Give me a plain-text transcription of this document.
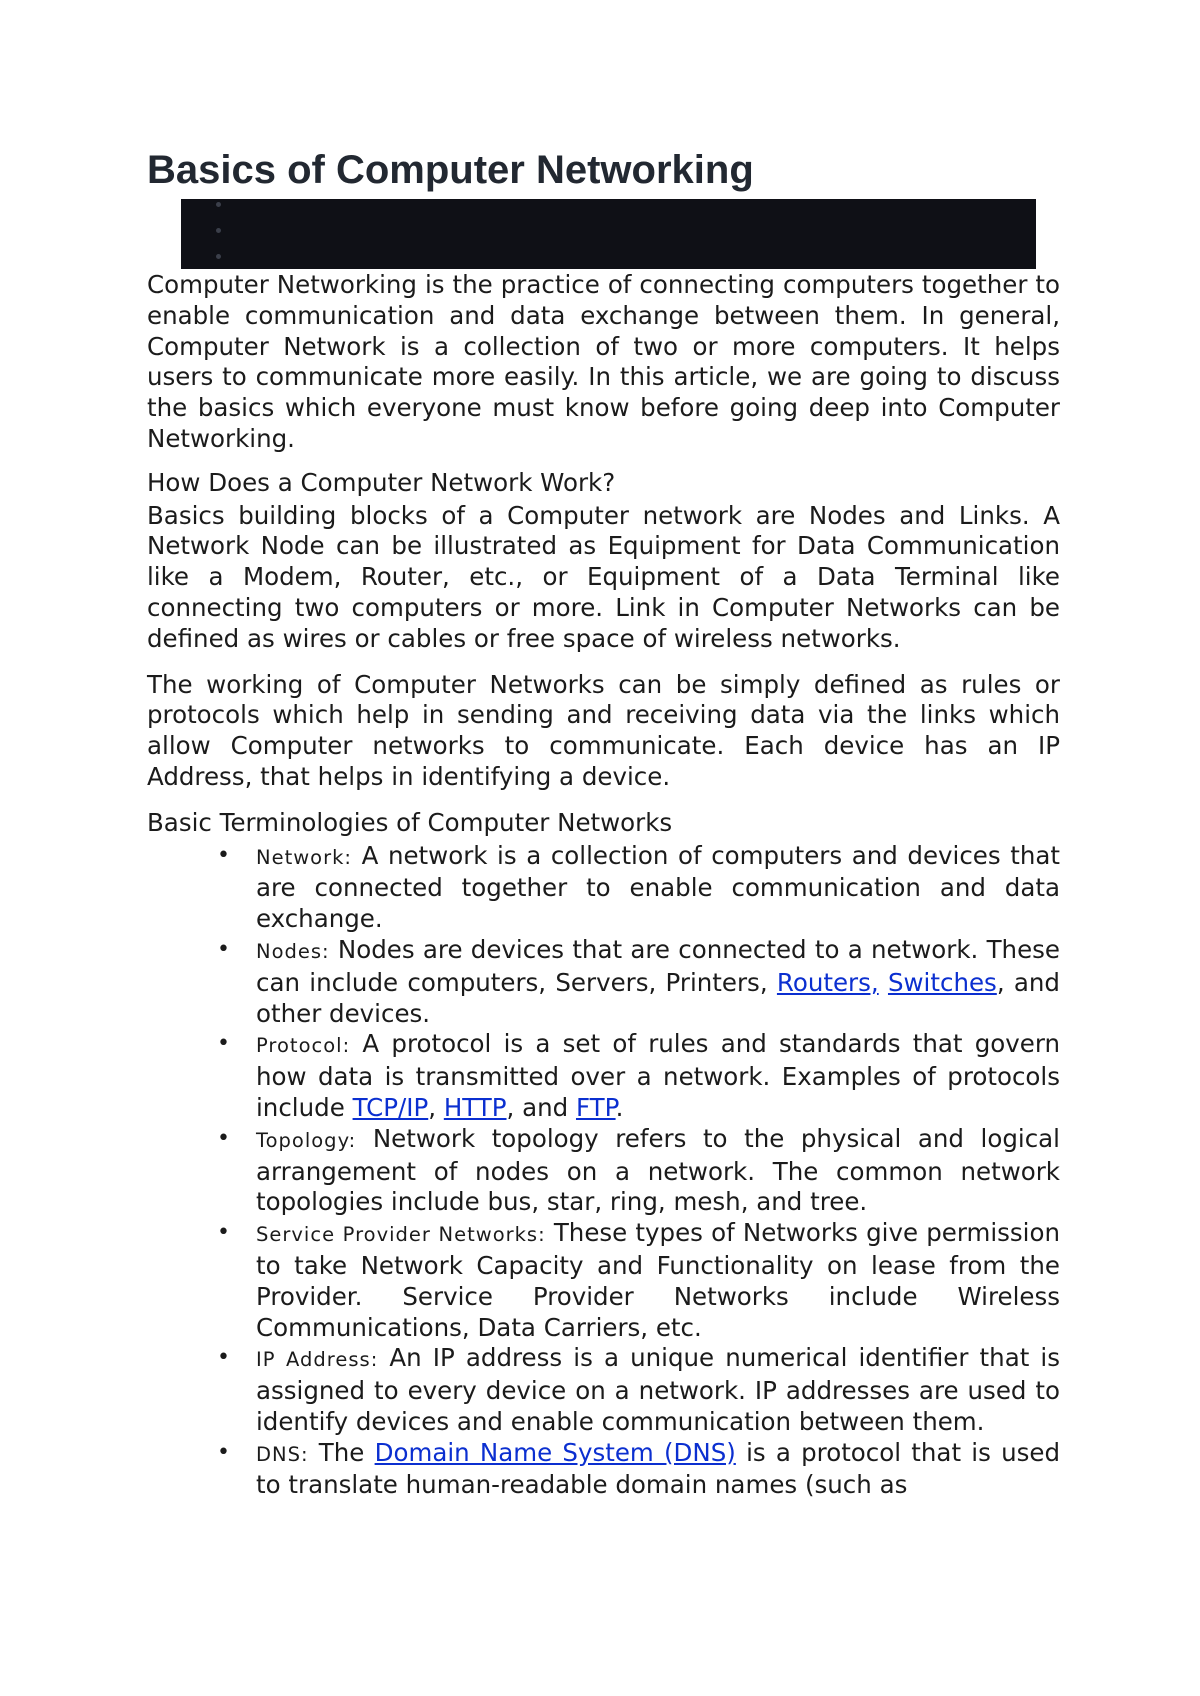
Basics of Computer Networking

Computer Networking is the practice of connecting computers together to enable communication and data exchange between them. In general, Computer Network is a collection of two or more computers. It helps users to communicate more easily. In this article, we are going to discuss the basics which everyone must know before going deep into Computer Networking.

How Does a Computer Network Work?

Basics building blocks of a Computer network are Nodes and Links. A Network Node can be illustrated as Equipment for Data Communication like a Modem, Router, etc., or Equipment of a Data Terminal like connecting two computers or more. Link in Computer Networks can be defined as wires or cables or free space of wireless networks.

The working of Computer Networks can be simply defined as rules or protocols which help in sending and receiving data via the links which allow Computer networks to communicate. Each device has an IP Address, that helps in identifying a device.

Basic Terminologies of Computer Networks

• Network: A network is a collection of computers and devices that are connected together to enable communication and data exchange.
• Nodes: Nodes are devices that are connected to a network. These can include computers, Servers, Printers, Routers, Switches, and other devices.
• Protocol: A protocol is a set of rules and standards that govern how data is transmitted over a network. Examples of protocols include TCP/IP, HTTP, and FTP.
• Topology: Network topology refers to the physical and logical arrangement of nodes on a network. The common network topologies include bus, star, ring, mesh, and tree.
• Service Provider Networks: These types of Networks give permission to take Network Capacity and Functionality on lease from the Provider. Service Provider Networks include Wireless Communications, Data Carriers, etc.
• IP Address: An IP address is a unique numerical identifier that is assigned to every device on a network. IP addresses are used to identify devices and enable communication between them.
• DNS: The Domain Name System (DNS) is a protocol that is used to translate human-readable domain names (such as
